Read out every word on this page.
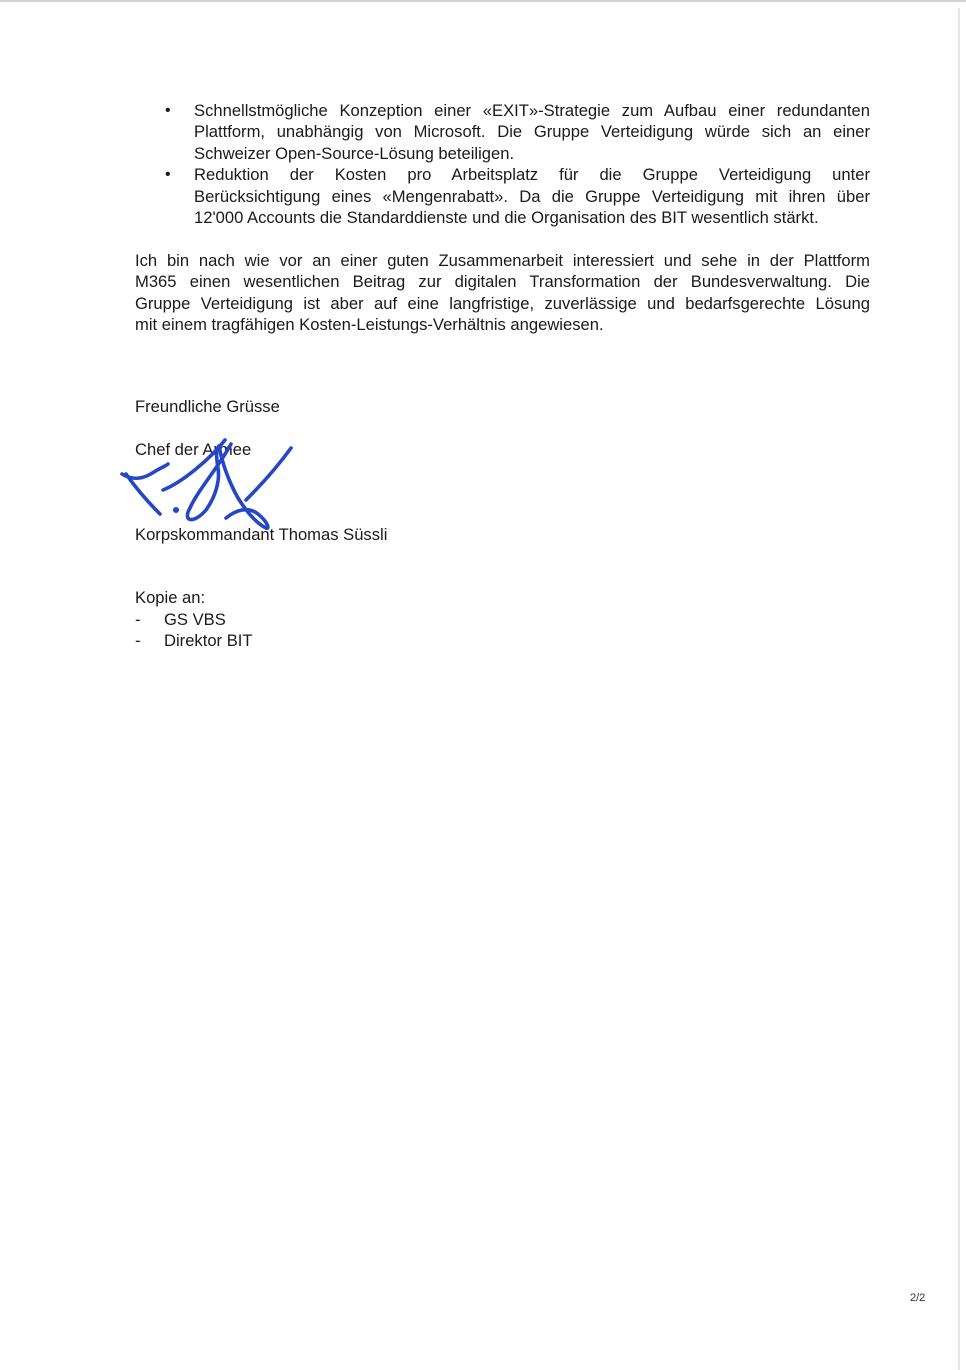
• Schnellstmögliche Konzeption einer «EXIT»-Strategie zum Aufbau einer redundanten
Plattform, unabhängig von Microsoft. Die Gruppe Verteidigung würde sich an einer
Schweizer Open-Source-Lösung beteiligen.
• Reduktion der Kosten pro Arbeitsplatz für die Gruppe Verteidigung unter
Berücksichtigung eines «Mengenrabatt». Da die Gruppe Verteidigung mit ihren über
12'000 Accounts die Standarddienste und die Organisation des BIT wesentlich stärkt.
Ich bin nach wie vor an einer guten Zusammenarbeit interessiert und sehe in der Plattform
M365 einen wesentlichen Beitrag zur digitalen Transformation der Bundesverwaltung. Die
Gruppe Verteidigung ist aber auf eine langfristige, zuverlässige und bedarfsgerechte Lösung
mit einem tragfähigen Kosten-Leistungs-Verhältnis angewiesen.
Freundliche Grüsse
Chef der Armee
Korpskommandant Thomas Süssli
Kopie an:
- GS VBS
- Direktor BIT
2/2
